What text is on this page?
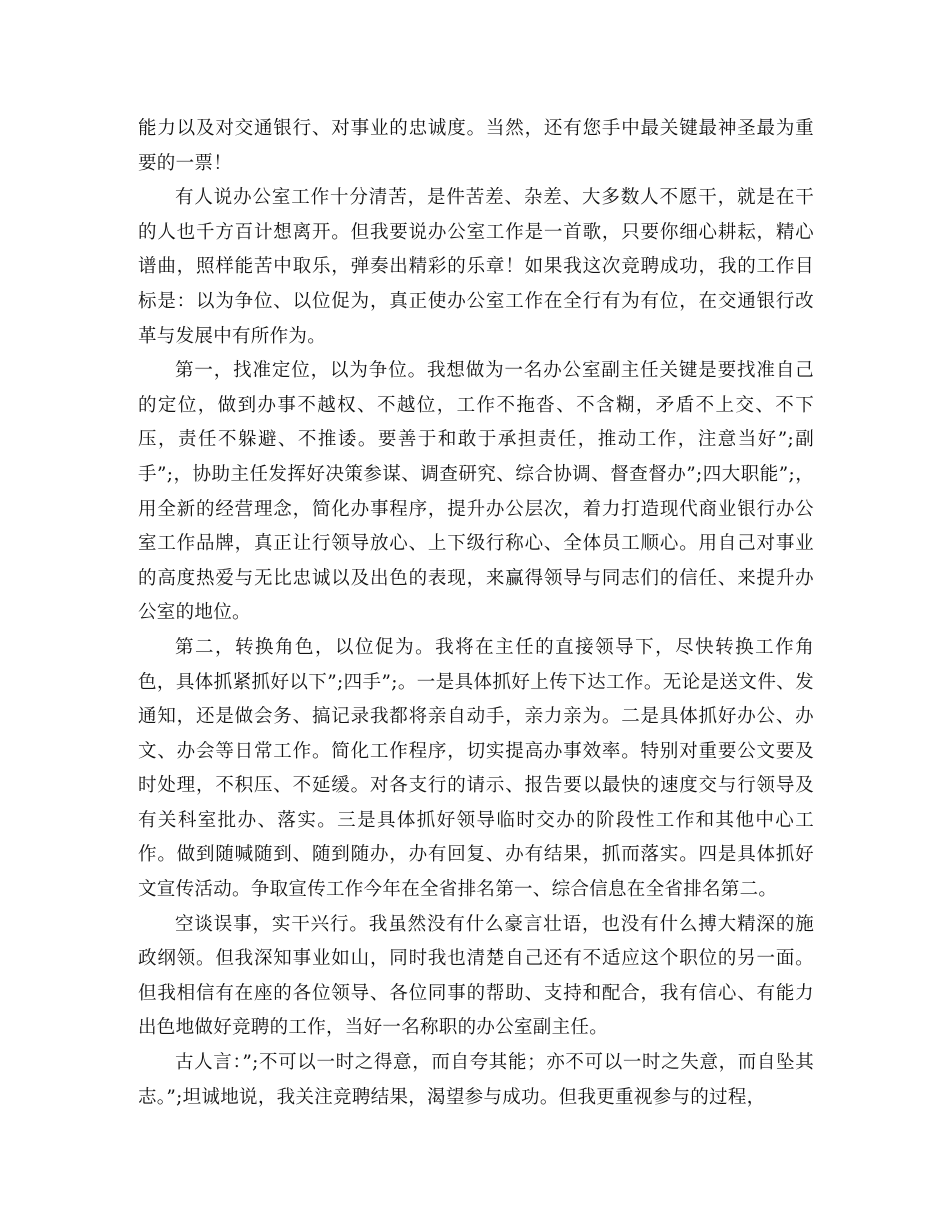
能力以及对交通银行、对事业的忠诚度。当然，还有您手中最关键最神圣最为重要的一票！

有人说办公室工作十分清苦，是件苦差、杂差、大多数人不愿干，就是在干的人也千方百计想离开。但我要说办公室工作是一首歌，只要你细心耕耘，精心谱曲，照样能苦中取乐，弹奏出精彩的乐章！如果我这次竞聘成功，我的工作目标是：以为争位、以位促为，真正使办公室工作在全行有为有位，在交通银行改革与发展中有所作为。

第一，找准定位，以为争位。我想做为一名办公室副主任关键是要找准自己的定位，做到办事不越权、不越位，工作不拖沓、不含糊，矛盾不上交、不下压，责任不躲避、不推诿。要善于和敢于承担责任，推动工作，注意当好”;副手”;，协助主任发挥好决策参谋、调查研究、综合协调、督查督办”;四大职能”;，用全新的经营理念，简化办事程序，提升办公层次，着力打造现代商业银行办公室工作品牌，真正让行领导放心、上下级行称心、全体员工顺心。用自己对事业的高度热爱与无比忠诚以及出色的表现，来赢得领导与同志们的信任、来提升办公室的地位。

第二，转换角色，以位促为。我将在主任的直接领导下，尽快转换工作角色，具体抓紧抓好以下”;四手”;。一是具体抓好上传下达工作。无论是送文件、发通知，还是做会务、搞记录我都将亲自动手，亲力亲为。二是具体抓好办公、办文、办会等日常工作。简化工作程序，切实提高办事效率。特别对重要公文要及时处理，不积压、不延缓。对各支行的请示、报告要以最快的速度交与行领导及有关科室批办、落实。三是具体抓好领导临时交办的阶段性工作和其他中心工作。做到随喊随到、随到随办，办有回复、办有结果，抓而落实。四是具体抓好文宣传活动。争取宣传工作今年在全省排名第一、综合信息在全省排名第二。

空谈误事，实干兴行。我虽然没有什么豪言壮语，也没有什么搏大精深的施政纲领。但我深知事业如山，同时我也清楚自己还有不适应这个职位的另一面。但我相信有在座的各位领导、各位同事的帮助、支持和配合，我有信心、有能力出色地做好竞聘的工作，当好一名称职的办公室副主任。

古人言：”;不可以一时之得意，而自夸其能；亦不可以一时之失意，而自坠其志。”;坦诚地说，我关注竞聘结果，渴望参与成功。但我更重视参与的过程，
